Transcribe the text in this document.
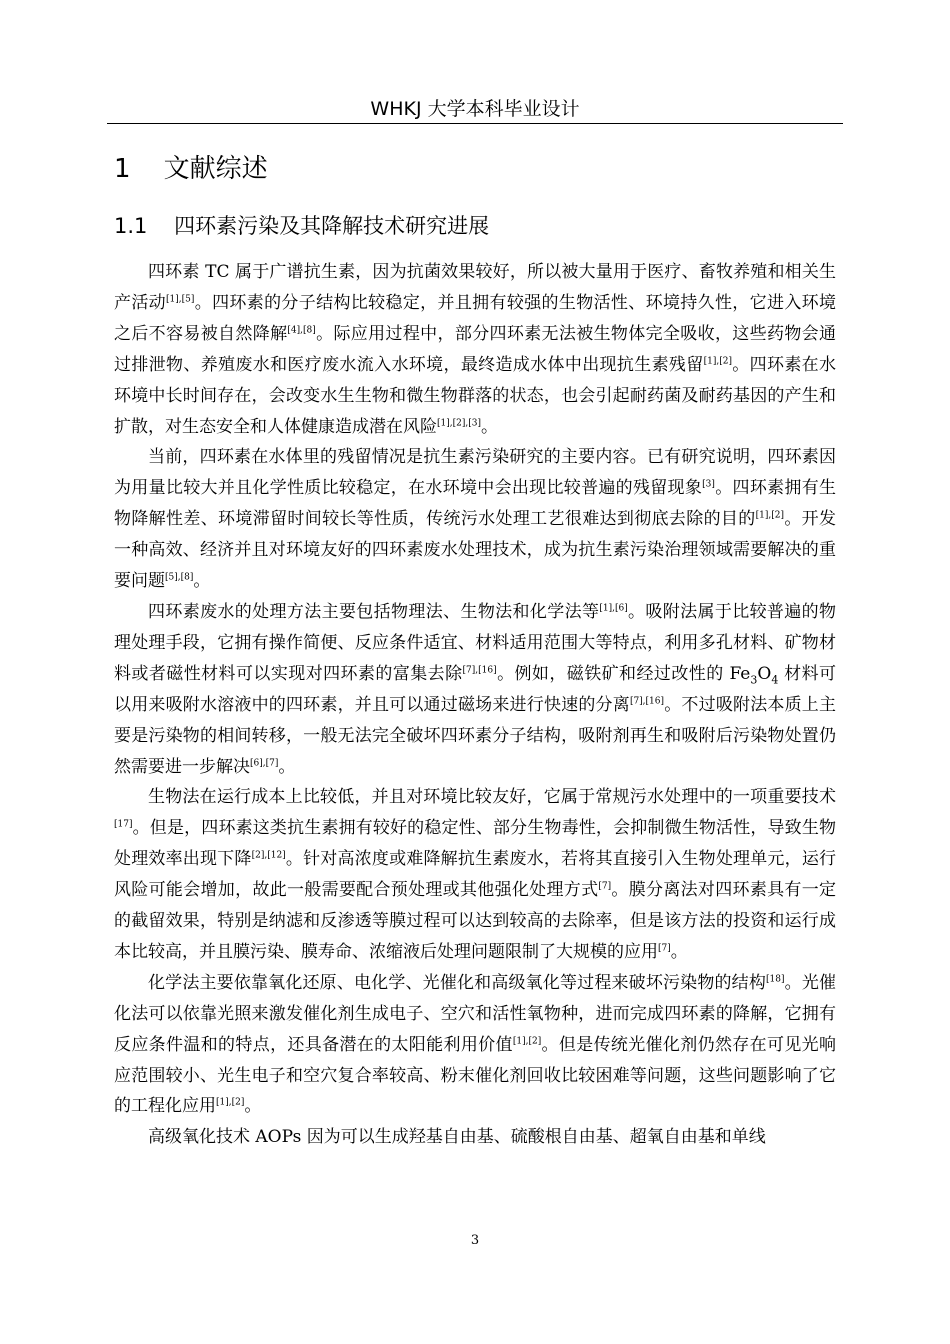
WHKJ 大学本科毕业设计
1    文献综述
1.1    四环素污染及其降解技术研究进展

四环素 TC 属于广谱抗生素，因为抗菌效果较好，所以被大量用于医疗、畜牧养殖和相关生产活动[1],[5]。四环素的分子结构比较稳定，并且拥有较强的生物活性、环境持久性，它进入环境之后不容易被自然降解[4],[8]。际应用过程中，部分四环素无法被生物体完全吸收，这些药物会通过排泄物、养殖废水和医疗废水流入水环境，最终造成水体中出现抗生素残留[1],[2]。四环素在水环境中长时间存在，会改变水生生物和微生物群落的状态，也会引起耐药菌及耐药基因的产生和扩散，对生态安全和人体健康造成潜在风险[1],[2],[3]。

当前，四环素在水体里的残留情况是抗生素污染研究的主要内容。已有研究说明，四环素因为用量比较大并且化学性质比较稳定，在水环境中会出现比较普遍的残留现象[3]。四环素拥有生物降解性差、环境滞留时间较长等性质，传统污水处理工艺很难达到彻底去除的目的[1],[2]。开发一种高效、经济并且对环境友好的四环素废水处理技术，成为抗生素污染治理领域需要解决的重要问题[5],[8]。

四环素废水的处理方法主要包括物理法、生物法和化学法等[1],[6]。吸附法属于比较普遍的物理处理手段，它拥有操作简便、反应条件适宜、材料适用范围大等特点，利用多孔材料、矿物材料或者磁性材料可以实现对四环素的富集去除[7],[16]。例如，磁铁矿和经过改性的 $Fe_3O_4$ 材料可以用来吸附水溶液中的四环素，并且可以通过磁场来进行快速的分离[7],[16]。不过吸附法本质上主要是污染物的相间转移，一般无法完全破坏四环素分子结构，吸附剂再生和吸附后污染物处置仍然需要进一步解决[6],[7]。

生物法在运行成本上比较低，并且对环境比较友好，它属于常规污水处理中的一项重要技术[17]。但是，四环素这类抗生素拥有较好的稳定性、部分生物毒性，会抑制微生物活性，导致生物处理效率出现下降[2],[12]。针对高浓度或难降解抗生素废水，若将其直接引入生物处理单元，运行风险可能会增加，故此一般需要配合预处理或其他强化处理方式[7]。膜分离法对四环素具有一定的截留效果，特别是纳滤和反渗透等膜过程可以达到较高的去除率，但是该方法的投资和运行成本比较高，并且膜污染、膜寿命、浓缩液后处理问题限制了大规模的应用[7]。

化学法主要依靠氧化还原、电化学、光催化和高级氧化等过程来破坏污染物的结构[18]。光催化法可以依靠光照来激发催化剂生成电子、空穴和活性氧物种，进而完成四环素的降解，它拥有反应条件温和的特点，还具备潜在的太阳能利用价值[1],[2]。但是传统光催化剂仍然存在可见光响应范围较小、光生电子和空穴复合率较高、粉末催化剂回收比较困难等问题，这些问题影响了它的工程化应用[1],[2]。

高级氧化技术 AOPs 因为可以生成羟基自由基、硫酸根自由基、超氧自由基和单线

3
